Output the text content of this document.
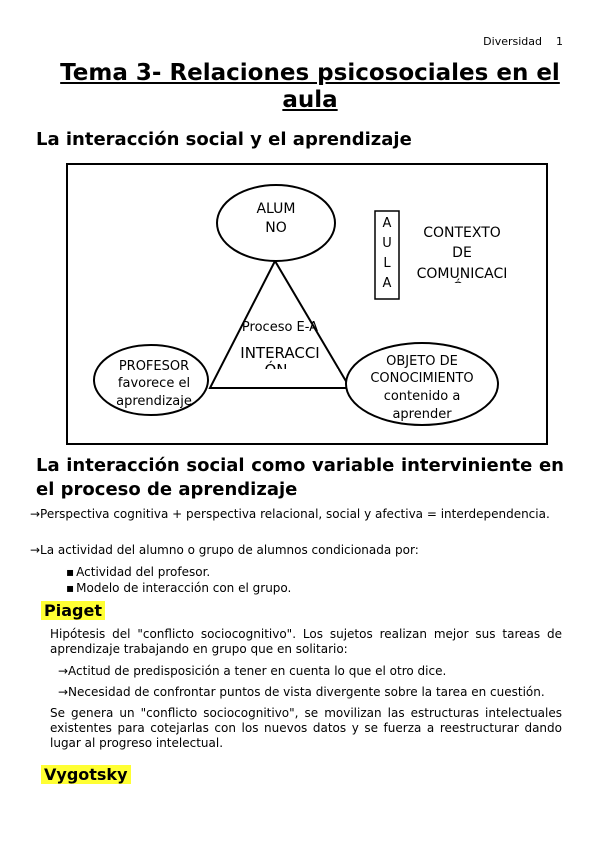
Diversidad 1
Tema 3- Relaciones psicosociales en el aula
La interacción social y el aprendizaje
ALUM
NO	A
U
L
A
CONTEXTO
DE
COMUNICACI
Proceso E-A
INTERACCI
PROFESOR
favorece el
aprendizaje
OBJETO DE
CONOCIMIENTO
contenido a
aprender
La interacción social como variable interviniente en el proceso de aprendizaje
→Perspectiva cognitiva + perspectiva relacional, social y afectiva = interdependencia.
→La actividad del alumno o grupo de alumnos condicionada por:
▪ Actividad del profesor.
▪ Modelo de interacción con el grupo.
Piaget
Hipótesis del "conflicto sociocognitivo". Los sujetos realizan mejor sus tareas de aprendizaje trabajando en grupo que en solitario:
→Actitud de predisposición a tener en cuenta lo que el otro dice.
→Necesidad de confrontar puntos de vista divergente sobre la tarea en cuestión.
Se genera un "conflicto sociocognitivo", se movilizan las estructuras intelectuales existentes para cotejarlas con los nuevos datos y se fuerza a reestructurar dando lugar al progreso intelectual.
Vygotsky
